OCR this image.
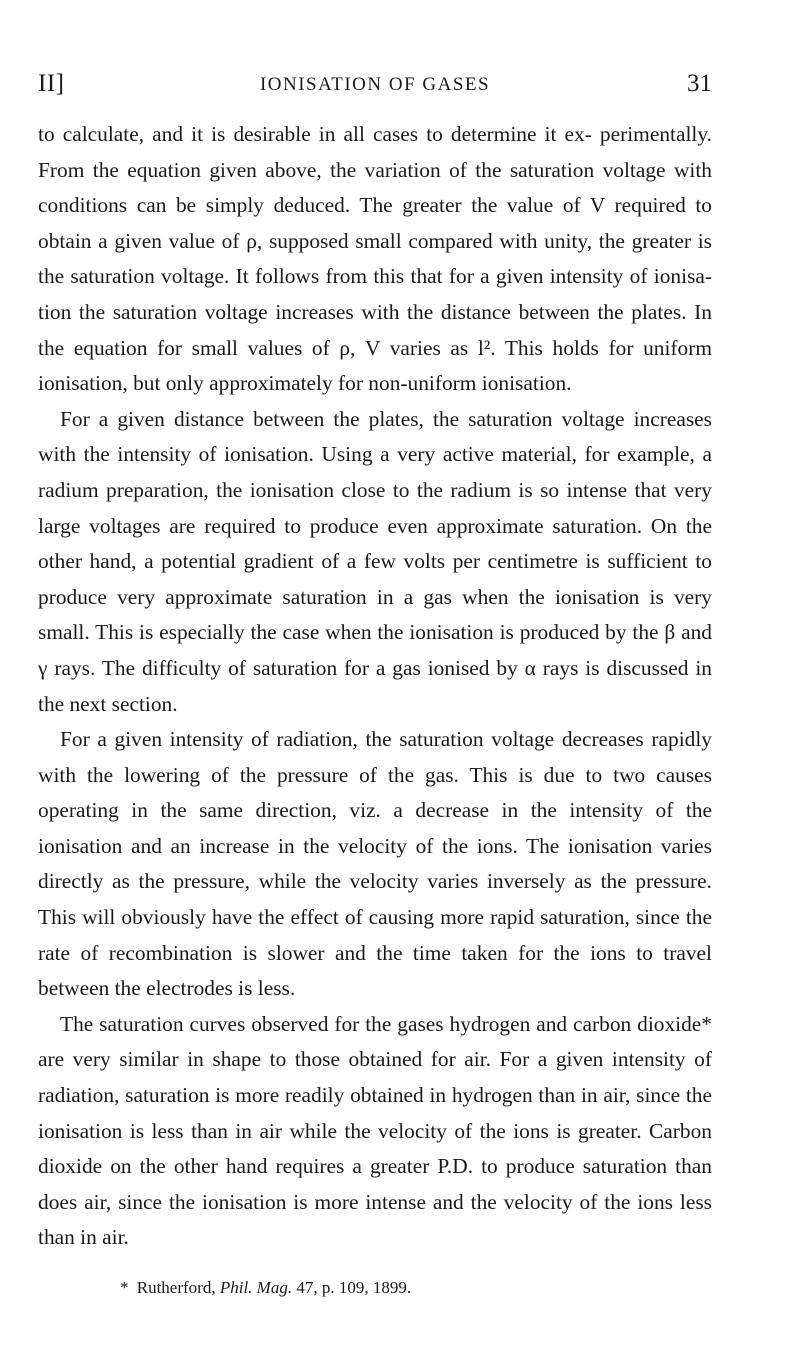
II]	IONISATION OF GASES	31

to calculate, and it is desirable in all cases to determine it ex- perimentally. From the equation given above, the variation of the saturation voltage with conditions can be simply deduced. The greater the value of V required to obtain a given value of ρ, supposed small compared with unity, the greater is the saturation voltage. It follows from this that for a given intensity of ionisa- tion the saturation voltage increases with the distance between the plates. In the equation for small values of ρ, V varies as l². This holds for uniform ionisation, but only approximately for non-uniform ionisation.

For a given distance between the plates, the saturation voltage increases with the intensity of ionisation. Using a very active material, for example, a radium preparation, the ionisation close to the radium is so intense that very large voltages are required to produce even approximate saturation. On the other hand, a potential gradient of a few volts per centimetre is sufficient to produce very approximate saturation in a gas when the ionisation is very small. This is especially the case when the ionisation is produced by the β and γ rays. The difficulty of saturation for a gas ionised by α rays is discussed in the next section.

For a given intensity of radiation, the saturation voltage decreases rapidly with the lowering of the pressure of the gas. This is due to two causes operating in the same direction, viz. a decrease in the intensity of the ionisation and an increase in the velocity of the ions. The ionisation varies directly as the pressure, while the velocity varies inversely as the pressure. This will obviously have the effect of causing more rapid saturation, since the rate of recombination is slower and the time taken for the ions to travel between the electrodes is less.

The saturation curves observed for the gases hydrogen and carbon dioxide* are very similar in shape to those obtained for air. For a given intensity of radiation, saturation is more readily obtained in hydrogen than in air, since the ionisation is less than in air while the velocity of the ions is greater. Carbon dioxide on the other hand requires a greater P.D. to produce saturation than does air, since the ionisation is more intense and the velocity of the ions less than in air.

* Rutherford, Phil. Mag. 47, p. 109, 1899.
